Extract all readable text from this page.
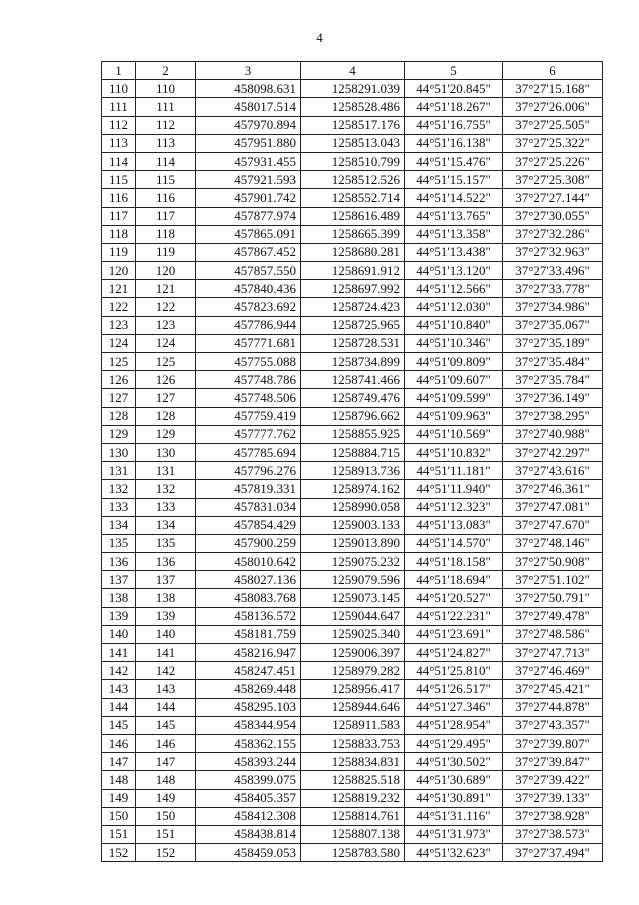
4
1	2	3	4	5	6
110	110	458098.631	1258291.039	44°51'20.845"	37°27'15.168"
111	111	458017.514	1258528.486	44°51'18.267"	37°27'26.006"
112	112	457970.894	1258517.176	44°51'16.755"	37°27'25.505"
113	113	457951.880	1258513.043	44°51'16.138"	37°27'25.322"
114	114	457931.455	1258510.799	44°51'15.476"	37°27'25.226"
115	115	457921.593	1258512.526	44°51'15.157"	37°27'25.308"
116	116	457901.742	1258552.714	44°51'14.522"	37°27'27.144"
117	117	457877.974	1258616.489	44°51'13.765"	37°27'30.055"
118	118	457865.091	1258665.399	44°51'13.358"	37°27'32.286"
119	119	457867.452	1258680.281	44°51'13.438"	37°27'32.963"
120	120	457857.550	1258691.912	44°51'13.120"	37°27'33.496"
121	121	457840.436	1258697.992	44°51'12.566"	37°27'33.778"
122	122	457823.692	1258724.423	44°51'12.030"	37°27'34.986"
123	123	457786.944	1258725.965	44°51'10.840"	37°27'35.067"
124	124	457771.681	1258728.531	44°51'10.346"	37°27'35.189"
125	125	457755.088	1258734.899	44°51'09.809"	37°27'35.484"
126	126	457748.786	1258741.466	44°51'09.607"	37°27'35.784"
127	127	457748.506	1258749.476	44°51'09.599"	37°27'36.149"
128	128	457759.419	1258796.662	44°51'09.963"	37°27'38.295"
129	129	457777.762	1258855.925	44°51'10.569"	37°27'40.988"
130	130	457785.694	1258884.715	44°51'10.832"	37°27'42.297"
131	131	457796.276	1258913.736	44°51'11.181"	37°27'43.616"
132	132	457819.331	1258974.162	44°51'11.940"	37°27'46.361"
133	133	457831.034	1258990.058	44°51'12.323"	37°27'47.081"
134	134	457854.429	1259003.133	44°51'13.083"	37°27'47.670"
135	135	457900.259	1259013.890	44°51'14.570"	37°27'48.146"
136	136	458010.642	1259075.232	44°51'18.158"	37°27'50.908"
137	137	458027.136	1259079.596	44°51'18.694"	37°27'51.102"
138	138	458083.768	1259073.145	44°51'20.527"	37°27'50.791"
139	139	458136.572	1259044.647	44°51'22.231"	37°27'49.478"
140	140	458181.759	1259025.340	44°51'23.691"	37°27'48.586"
141	141	458216.947	1259006.397	44°51'24.827"	37°27'47.713"
142	142	458247.451	1258979.282	44°51'25.810"	37°27'46.469"
143	143	458269.448	1258956.417	44°51'26.517"	37°27'45.421"
144	144	458295.103	1258944.646	44°51'27.346"	37°27'44.878"
145	145	458344.954	1258911.583	44°51'28.954"	37°27'43.357"
146	146	458362.155	1258833.753	44°51'29.495"	37°27'39.807"
147	147	458393.244	1258834.831	44°51'30.502"	37°27'39.847"
148	148	458399.075	1258825.518	44°51'30.689"	37°27'39.422"
149	149	458405.357	1258819.232	44°51'30.891"	37°27'39.133"
150	150	458412.308	1258814.761	44°51'31.116"	37°27'38.928"
151	151	458438.814	1258807.138	44°51'31.973"	37°27'38.573"
152	152	458459.053	1258783.580	44°51'32.623"	37°27'37.494"
